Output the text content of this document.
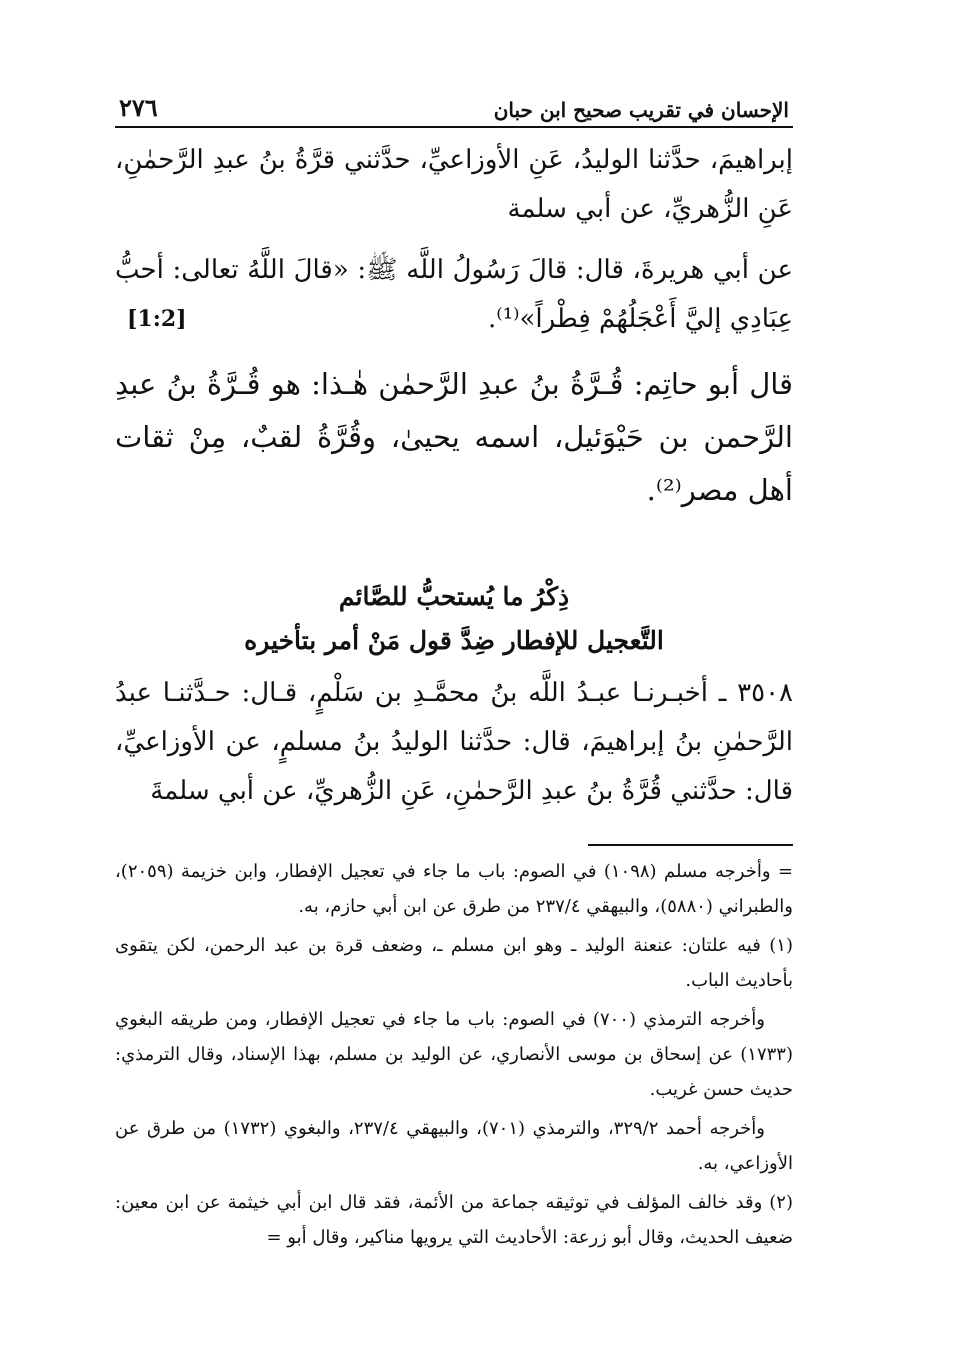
الإحسان في تقريب صحيح ابن حبان
٢٧٦

إبراهيمَ، حدَّثنا الوليدُ، عَنِ الأوزاعيِّ، حدَّثني قرَّةُ بنُ عبدِ الرَّحمٰنِ، عَنِ الزُّهريِّ، عن أبي سلمة

عن أبي هريرةَ، قال: قالَ رَسُولُ اللَّه ﷺ: «قالَ اللَّهُ تعالى: أحبُّ عِبَادِي إليَّ أَعْجَلُهُمْ فِطْراً»⁽¹⁾.
[1:2]

قال أبو حاتِم: قُـرَّةُ بنُ عبدِ الرَّحمٰن هٰـذا: هو قُـرَّةُ بنُ عبدِ الرَّحمن بن حَيْوَئيل، اسمه يحيىٰ، وقُرَّةُ لقبٌ، مِنْ ثقات أهل مصر⁽²⁾.

ذِكْرُ ما يُستحبُّ للصَّائم
التَّعجيل للإفطار ضِدَّ قول مَنْ أمر بتأخيره

٣٥٠٨ ـ أخبـرنـا عبـدُ اللَّه بنُ محمَّـدِ بن سَلْمٍ، قـال: حـدَّثنـا عبدُ الرَّحمٰنِ بنُ إبراهيمَ، قال: حدَّثنا الوليدُ بنُ مسلمٍ، عن الأوزاعيِّ، قال: حدَّثني قُرَّةُ بنُ عبدِ الرَّحمٰنِ، عَنِ الزُّهريِّ، عن أبي سلمةَ

= وأخرجه مسلم (١٠٩٨) في الصوم: باب ما جاء في تعجيل الإفطار، وابن خزيمة (٢٠٥٩)، والطبراني (٥٨٨٠)، والبيهقي ٢٣٧/٤ من طرق عن ابن أبي حازم، به.

(١) فيه علتان: عنعنة الوليد ـ وهو ابن مسلم ـ، وضعف قرة بن عبد الرحمن، لكن يتقوى بأحاديث الباب.

وأخرجه الترمذي (٧٠٠) في الصوم: باب ما جاء في تعجيل الإفطار، ومن طريقه البغوي (١٧٣٣) عن إسحاق بن موسى الأنصاري، عن الوليد بن مسلم، بهذا الإسناد، وقال الترمذي: حديث حسن غريب.

وأخرجه أحمد ٣٢٩/٢، والترمذي (٧٠١)، والبيهقي ٢٣٧/٤، والبغوي (١٧٣٢) من طرق عن الأوزاعي، به.

(٢) وقد خالف المؤلف في توثيقه جماعة من الأئمة، فقد قال ابن أبي خيثمة عن ابن معين: ضعيف الحديث، وقال أبو زرعة: الأحاديث التي يرويها مناكير، وقال أبو =
